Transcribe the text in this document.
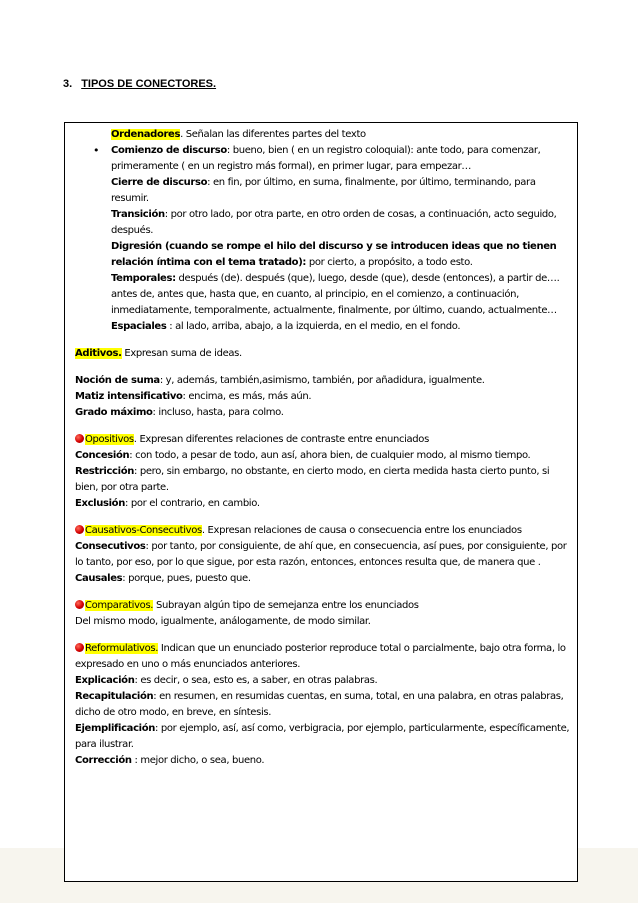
3. TIPOS DE CONECTORES.
Ordenadores. Señalan las diferentes partes del texto
• Comienzo de discurso: bueno, bien ( en un registro coloquial): ante todo, para comenzar, primeramente ( en un registro más formal), en primer lugar, para empezar…
Cierre de discurso: en fin, por último, en suma, finalmente, por último, terminando, para resumir.
Transición: por otro lado, por otra parte, en otro orden de cosas, a continuación, acto seguido, después.
Digresión (cuando se rompe el hilo del discurso y se introducen ideas que no tienen relación íntima con el tema tratado): por cierto, a propósito, a todo esto.
Temporales: después (de). después (que), luego, desde (que), desde (entonces), a partir de…. antes de, antes que, hasta que, en cuanto, al principio, en el comienzo, a continuación, inmediatamente, temporalmente, actualmente, finalmente, por último, cuando, actualmente…
Espaciales : al lado, arriba, abajo, a la izquierda, en el medio, en el fondo.
Aditivos. Expresan suma de ideas.
Noción de suma: y, además, también,asimismo, también, por añadidura, igualmente.
Matiz intensificativo: encima, es más, más aún.
Grado máximo: incluso, hasta, para colmo.
Opositivos. Expresan diferentes relaciones de contraste entre enunciados
Concesión: con todo, a pesar de todo, aun así, ahora bien, de cualquier modo, al mismo tiempo.
Restricción: pero, sin embargo, no obstante, en cierto modo, en cierta medida hasta cierto punto, si bien, por otra parte.
Exclusión: por el contrario, en cambio.
Causativos-Consecutivos. Expresan relaciones de causa o consecuencia entre los enunciados
Consecutivos: por tanto, por consiguiente, de ahí que, en consecuencia, así pues, por consiguiente, por lo tanto, por eso, por lo que sigue, por esta razón, entonces, entonces resulta que, de manera que .
Causales: porque, pues, puesto que.
Comparativos. Subrayan algún tipo de semejanza entre los enunciados
Del mismo modo, igualmente, análogamente, de modo similar.
Reformulativos. Indican que un enunciado posterior reproduce total o parcialmente, bajo otra forma, lo expresado en uno o más enunciados anteriores.
Explicación: es decir, o sea, esto es, a saber, en otras palabras.
Recapitulación: en resumen, en resumidas cuentas, en suma, total, en una palabra, en otras palabras, dicho de otro modo, en breve, en síntesis.
Ejemplificación: por ejemplo, así, así como, verbigracia, por ejemplo, particularmente, específicamente, para ilustrar.
Corrección : mejor dicho, o sea, bueno.
